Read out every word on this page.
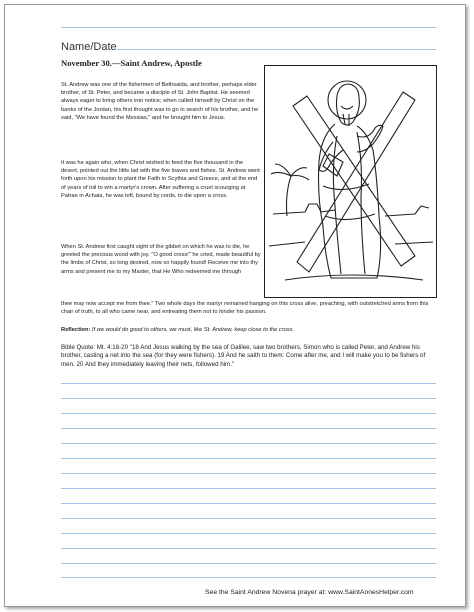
Name/Date
November 30.—Saint Andrew, Apostle

St. Andrew was one of the fishermen of Bethsaida, and brother, perhaps elder brother, of St. Peter, and became a disciple of St. John Baptist. He seemed always eager to bring others into notice; when called himself by Christ on the banks of the Jordan, his first thought was to go in search of his brother, and he said, "We have found the Messias," and he brought him to Jesus.

It was he again who, when Christ wished to feed the five thousand in the desert, pointed out the little lad with the five loaves and fishes. St. Andrew went forth upon his mission to plant the Faith in Scythia and Greece, and at the end of years of toil to win a martyr's crown. After suffering a cruel scourging at Patrae in Achaia, he was left, bound by cords, to die upon a cross.

When St. Andrew first caught sight of the gibbet on which he was to die, he greeted the precious wood with joy. "O good cross!" he cried, made beautiful by the limbs of Christ, so long desired, now so happily found! Receive me into thy arms and present me to my Master, that He Who redeemed me through

thee may now accept me from thee." Two whole days the martyr remained hanging on this cross alive, preaching, with outstretched arms from this chair of truth, to all who came near, and entreating them not to hinder his passion.

Reflection: If we would do good to others, we must, like St. Andrew, keep close to the cross.

Bible Quote: Mt. 4:18-20 "18 And Jesus walking by the sea of Galilee, saw two brothers, Simon who is called Peter, and Andrew his brother, casting a net into the sea (for they were fishers). 19 And he saith to them: Come after me, and I will make you to be fishers of men. 20 And they immediately leaving their nets, followed him."

See the Saint Andrew Novena prayer at: www.SaintAnnesHelper.com
